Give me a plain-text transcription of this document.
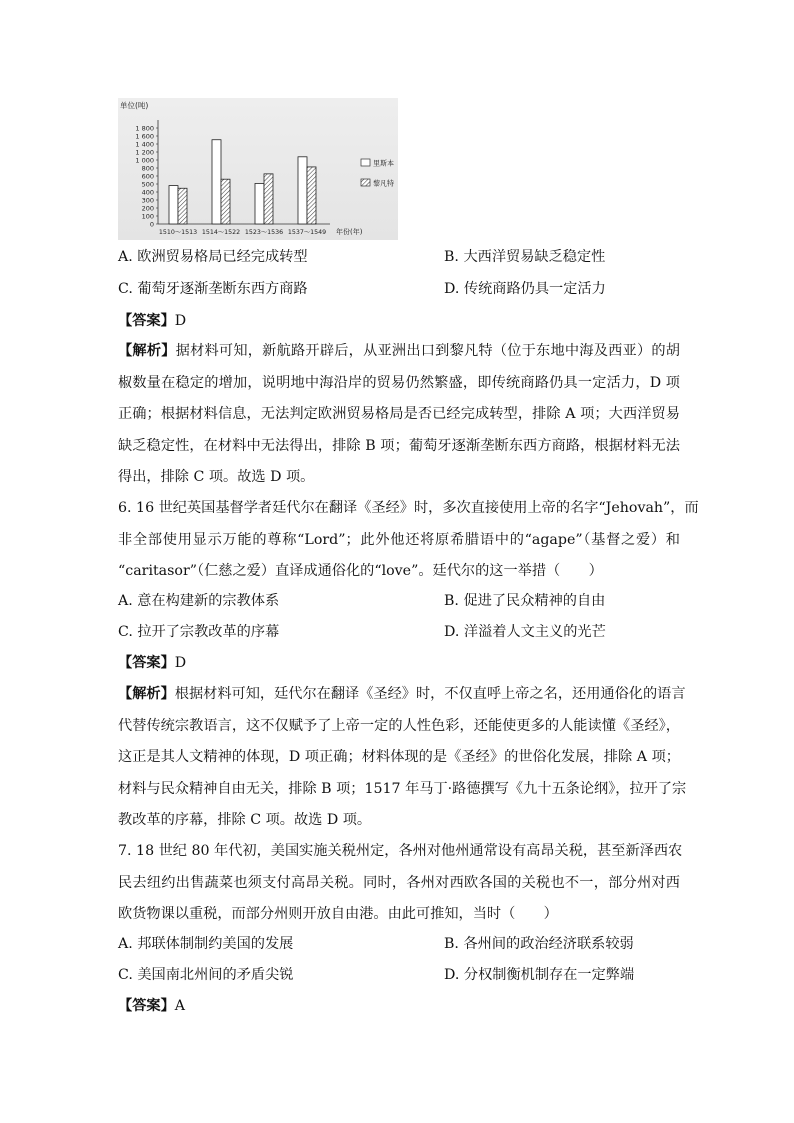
单位(吨)
1 800
1 600
1 400
1 200
1 000
800
600
500
400
300
200
100
0
1510～1513 1514～1522 1523～1536 1537～1549 年份(年)
里斯本
黎凡特
A. 欧洲贸易格局已经完成转型	B. 大西洋贸易缺乏稳定性
C. 葡萄牙逐渐垄断东西方商路	D. 传统商路仍具一定活力
【答案】D
【解析】据材料可知，新航路开辟后，从亚洲出口到黎凡特（位于东地中海及西亚）的胡
椒数量在稳定的增加，说明地中海沿岸的贸易仍然繁盛，即传统商路仍具一定活力，D 项
正确；根据材料信息，无法判定欧洲贸易格局是否已经完成转型，排除 A 项；大西洋贸易
缺乏稳定性，在材料中无法得出，排除 B 项；葡萄牙逐渐垄断东西方商路，根据材料无法
得出，排除 C 项。故选 D 项。
6. 16 世纪英国基督学者廷代尔在翻译《圣经》时，多次直接使用上帝的名字“Jehovah”，而
非全部使用显示万能的尊称“Lord”；此外他还将原希腊语中的“agape”（基督之爱）和
“caritasor”（仁慈之爱）直译成通俗化的“love”。廷代尔的这一举措（　　）
A. 意在构建新的宗教体系	B. 促进了民众精神的自由
C. 拉开了宗教改革的序幕	D. 洋溢着人文主义的光芒
【答案】D
【解析】根据材料可知，廷代尔在翻译《圣经》时，不仅直呼上帝之名，还用通俗化的语言
代替传统宗教语言，这不仅赋予了上帝一定的人性色彩，还能使更多的人能读懂《圣经》，
这正是其人文精神的体现，D 项正确；材料体现的是《圣经》的世俗化发展，排除 A 项；
材料与民众精神自由无关，排除 B 项；1517 年马丁·路德撰写《九十五条论纲》，拉开了宗
教改革的序幕，排除 C 项。故选 D 项。
7. 18 世纪 80 年代初，美国实施关税州定，各州对他州通常设有高昂关税，甚至新泽西农
民去纽约出售蔬菜也须支付高昂关税。同时，各州对西欧各国的关税也不一，部分州对西
欧货物课以重税，而部分州则开放自由港。由此可推知，当时（　　）
A. 邦联体制制约美国的发展	B. 各州间的政治经济联系较弱
C. 美国南北州间的矛盾尖锐	D. 分权制衡机制存在一定弊端
【答案】A
